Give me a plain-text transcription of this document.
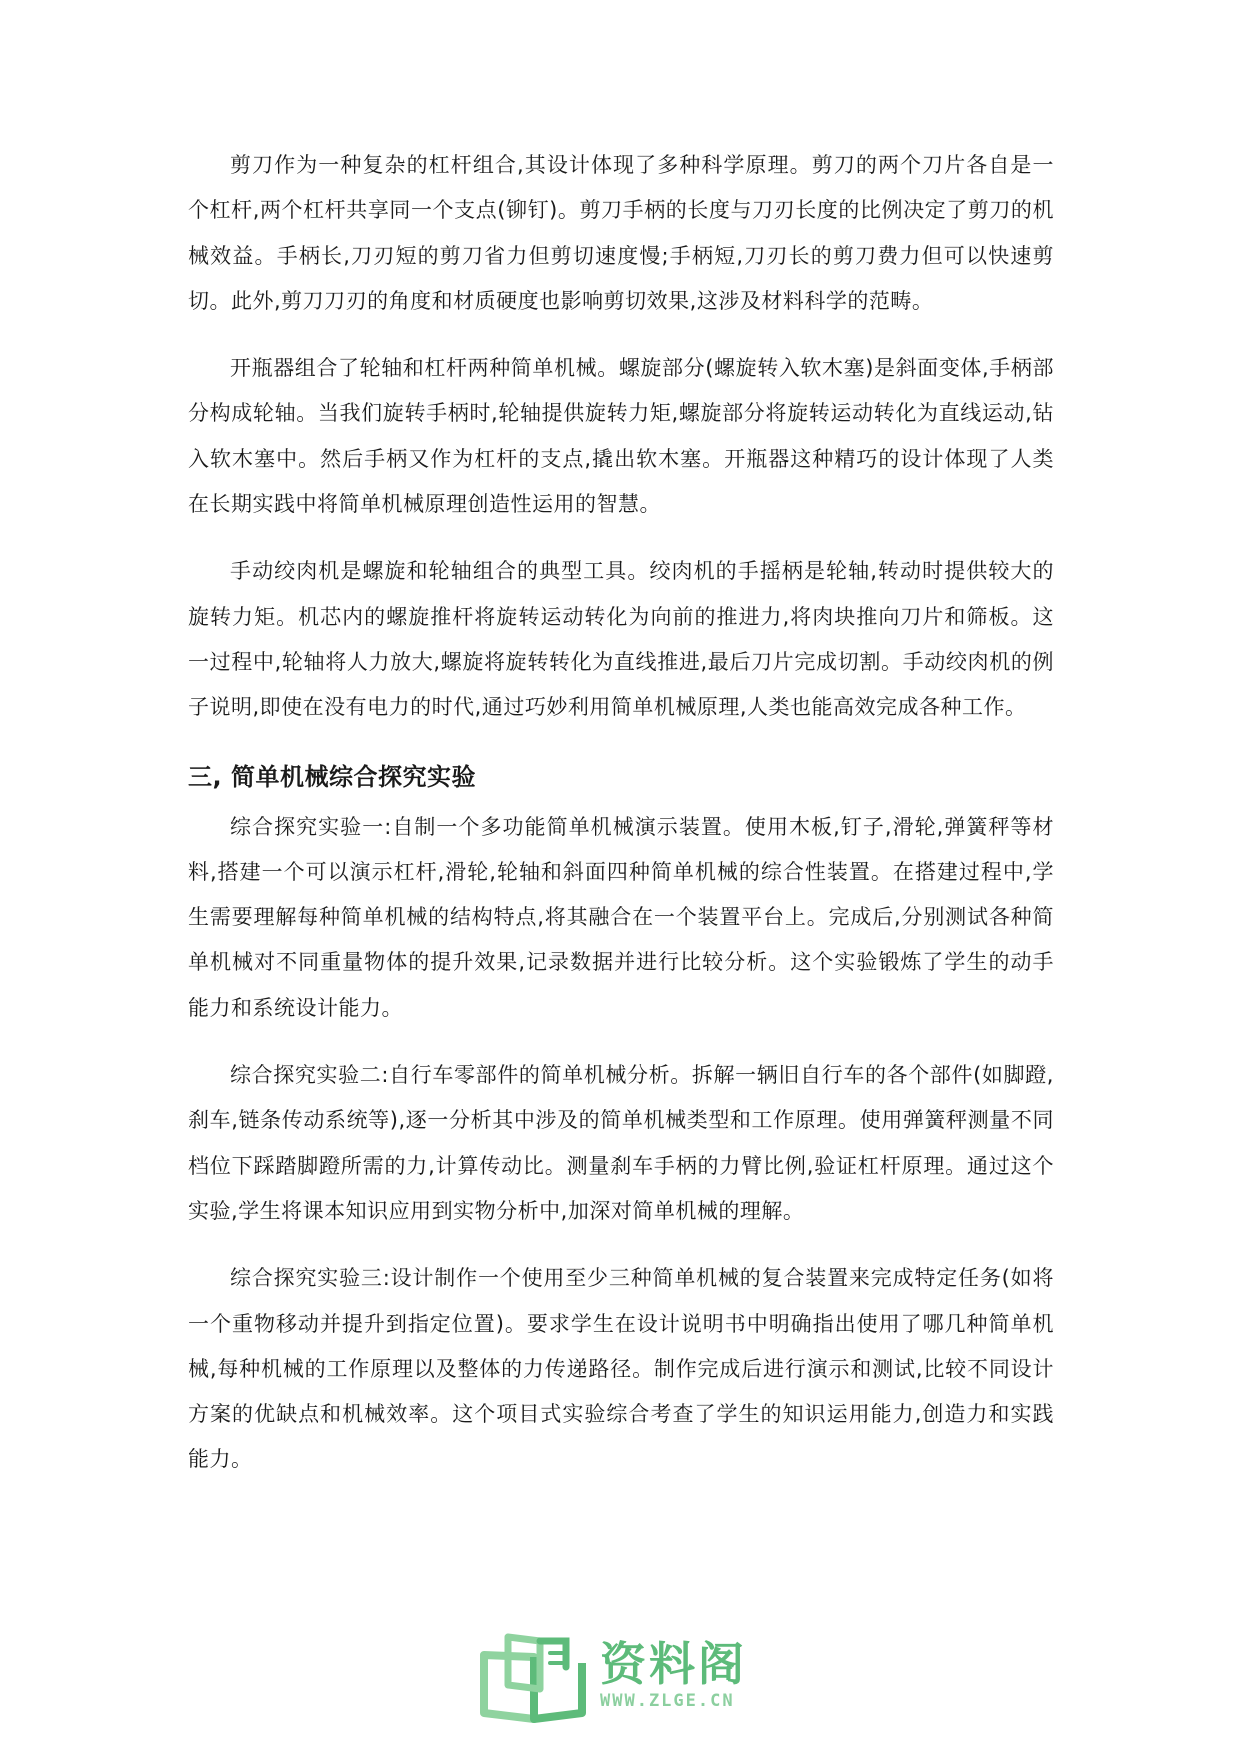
剪刀作为一种复杂的杠杆组合,其设计体现了多种科学原理。剪刀的两个刀片各自是一个杠杆,两个杠杆共享同一个支点(铆钉)。剪刀手柄的长度与刀刃长度的比例决定了剪刀的机械效益。手柄长,刀刃短的剪刀省力但剪切速度慢;手柄短,刀刃长的剪刀费力但可以快速剪切。此外,剪刀刀刃的角度和材质硬度也影响剪切效果,这涉及材料科学的范畴。

开瓶器组合了轮轴和杠杆两种简单机械。螺旋部分(螺旋转入软木塞)是斜面变体,手柄部分构成轮轴。当我们旋转手柄时,轮轴提供旋转力矩,螺旋部分将旋转运动转化为直线运动,钻入软木塞中。然后手柄又作为杠杆的支点,撬出软木塞。开瓶器这种精巧的设计体现了人类在长期实践中将简单机械原理创造性运用的智慧。

手动绞肉机是螺旋和轮轴组合的典型工具。绞肉机的手摇柄是轮轴,转动时提供较大的旋转力矩。机芯内的螺旋推杆将旋转运动转化为向前的推进力,将肉块推向刀片和筛板。这一过程中,轮轴将人力放大,螺旋将旋转转化为直线推进,最后刀片完成切割。手动绞肉机的例子说明,即使在没有电力的时代,通过巧妙利用简单机械原理,人类也能高效完成各种工作。

三, 简单机械综合探究实验

综合探究实验一:自制一个多功能简单机械演示装置。使用木板,钉子,滑轮,弹簧秤等材料,搭建一个可以演示杠杆,滑轮,轮轴和斜面四种简单机械的综合性装置。在搭建过程中,学生需要理解每种简单机械的结构特点,将其融合在一个装置平台上。完成后,分别测试各种简单机械对不同重量物体的提升效果,记录数据并进行比较分析。这个实验锻炼了学生的动手能力和系统设计能力。

综合探究实验二:自行车零部件的简单机械分析。拆解一辆旧自行车的各个部件(如脚蹬,刹车,链条传动系统等),逐一分析其中涉及的简单机械类型和工作原理。使用弹簧秤测量不同档位下踩踏脚蹬所需的力,计算传动比。测量刹车手柄的力臂比例,验证杠杆原理。通过这个实验,学生将课本知识应用到实物分析中,加深对简单机械的理解。

综合探究实验三:设计制作一个使用至少三种简单机械的复合装置来完成特定任务(如将一个重物移动并提升到指定位置)。要求学生在设计说明书中明确指出使用了哪几种简单机械,每种机械的工作原理以及整体的力传递路径。制作完成后进行演示和测试,比较不同设计方案的优缺点和机械效率。这个项目式实验综合考查了学生的知识运用能力,创造力和实践能力。

资料阁
WWW.ZLGE.CN
